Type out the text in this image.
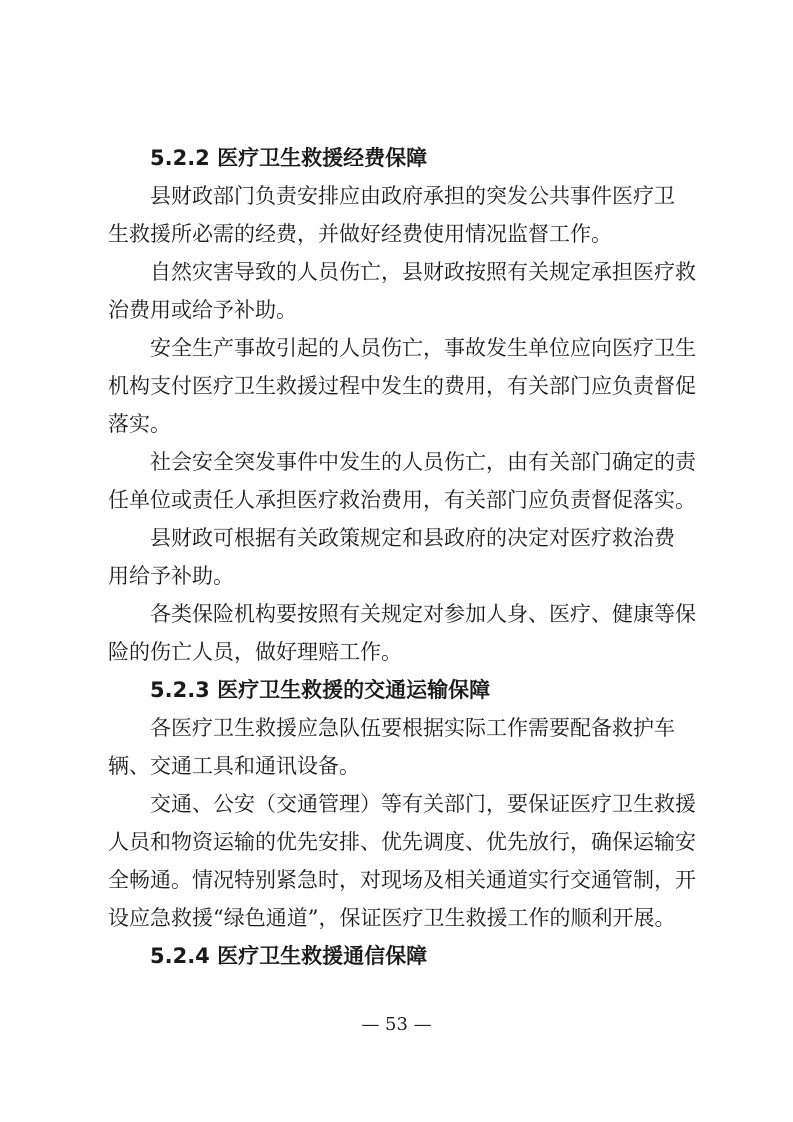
5.2.2 医疗卫生救援经费保障
县财政部门负责安排应由政府承担的突发公共事件医疗卫
生救援所必需的经费，并做好经费使用情况监督工作。
自然灾害导致的人员伤亡，县财政按照有关规定承担医疗救
治费用或给予补助。
安全生产事故引起的人员伤亡，事故发生单位应向医疗卫生
机构支付医疗卫生救援过程中发生的费用，有关部门应负责督促
落实。
社会安全突发事件中发生的人员伤亡，由有关部门确定的责
任单位或责任人承担医疗救治费用，有关部门应负责督促落实。
县财政可根据有关政策规定和县政府的决定对医疗救治费
用给予补助。
各类保险机构要按照有关规定对参加人身、医疗、健康等保
险的伤亡人员，做好理赔工作。
5.2.3 医疗卫生救援的交通运输保障
各医疗卫生救援应急队伍要根据实际工作需要配备救护车
辆、交通工具和通讯设备。
交通、公安（交通管理）等有关部门，要保证医疗卫生救援
人员和物资运输的优先安排、优先调度、优先放行，确保运输安
全畅通。情况特别紧急时，对现场及相关通道实行交通管制，开
设应急救援“绿色通道”，保证医疗卫生救援工作的顺利开展。
5.2.4 医疗卫生救援通信保障
— 53 —
